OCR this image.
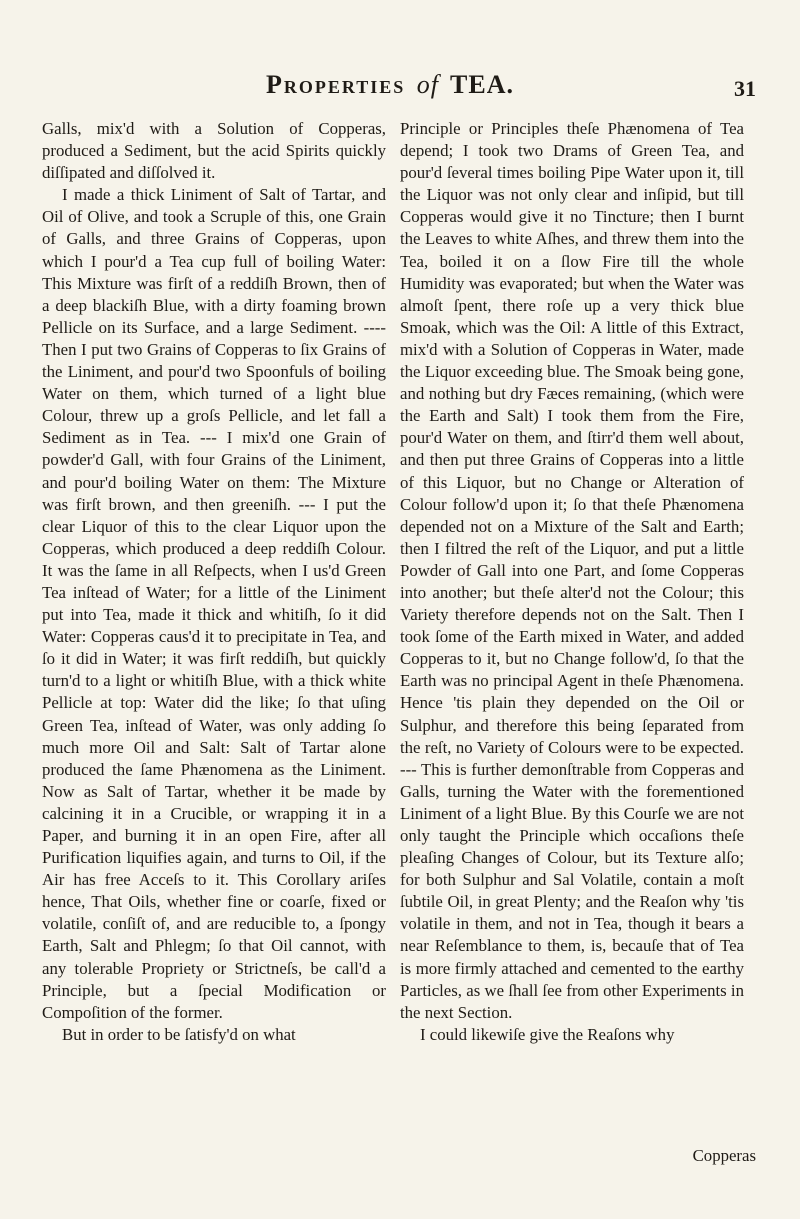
Properties of TEA.	31

Galls, mix'd with a Solution of Copperas, produced a Sediment, but the acid Spirits quickly diſſipated and diſſolved it.

I made a thick Liniment of Salt of Tartar, and Oil of Olive, and took a Scruple of this, one Grain of Galls, and three Grains of Copperas, upon which I pour'd a Tea cup full of boiling Water: This Mixture was firſt of a reddiſh Brown, then of a deep blackiſh Blue, with a dirty foaming brown Pellicle on its Surface, and a large Sediment. ---- Then I put two Grains of Copperas to ſix Grains of the Liniment, and pour'd two Spoonfuls of boiling Water on them, which turned of a light blue Colour, threw up a groſs Pellicle, and let fall a Sediment as in Tea. --- I mix'd one Grain of powder'd Gall, with four Grains of the Liniment, and pour'd boiling Water on them: The Mixture was firſt brown, and then greeniſh. --- I put the clear Liquor of this to the clear Liquor upon the Copperas, which produced a deep reddiſh Colour. It was the ſame in all Reſpects, when I us'd Green Tea inſtead of Water; for a little of the Liniment put into Tea, made it thick and whitiſh, ſo it did Water: Copperas caus'd it to precipitate in Tea, and ſo it did in Water; it was firſt reddiſh, but quickly turn'd to a light or whitiſh Blue, with a thick white Pellicle at top: Water did the like; ſo that uſing Green Tea, inſtead of Water, was only adding ſo much more Oil and Salt: Salt of Tartar alone produced the ſame Phænomena as the Liniment. Now as Salt of Tartar, whether it be made by calcining it in a Crucible, or wrapping it in a Paper, and burning it in an open Fire, after all Purification liquifies again, and turns to Oil, if the Air has free Acceſs to it. This Corollary ariſes hence, That Oils, whether fine or coarſe, fixed or volatile, conſiſt of, and are reducible to, a ſpongy Earth, Salt and Phlegm; ſo that Oil cannot, with any tolerable Propriety or Strictneſs, be call'd a Principle, but a ſpecial Modification or Compoſition of the former.

But in order to be ſatisfy'd on what

Principle or Principles theſe Phænomena of Tea depend; I took two Drams of Green Tea, and pour'd ſeveral times boiling Pipe Water upon it, till the Liquor was not only clear and inſipid, but till Copperas would give it no Tincture; then I burnt the Leaves to white Aſhes, and threw them into the Tea, boiled it on a ſlow Fire till the whole Humidity was evaporated; but when the Water was almoſt ſpent, there roſe up a very thick blue Smoak, which was the Oil: A little of this Extract, mix'd with a Solution of Copperas in Water, made the Liquor exceeding blue. The Smoak being gone, and nothing but dry Fæces remaining, (which were the Earth and Salt) I took them from the Fire, pour'd Water on them, and ſtirr'd them well about, and then put three Grains of Copperas into a little of this Liquor, but no Change or Alteration of Colour follow'd upon it; ſo that theſe Phænomena depended not on a Mixture of the Salt and Earth; then I filtred the reſt of the Liquor, and put a little Powder of Gall into one Part, and ſome Copperas into another; but theſe alter'd not the Colour; this Variety therefore depends not on the Salt. Then I took ſome of the Earth mixed in Water, and added Copperas to it, but no Change follow'd, ſo that the Earth was no principal Agent in theſe Phænomena. Hence 'tis plain they depended on the Oil or Sulphur, and therefore this being ſeparated from the reſt, no Variety of Colours were to be expected. --- This is further demonſtrable from Copperas and Galls, turning the Water with the forementioned Liniment of a light Blue. By this Courſe we are not only taught the Principle which occaſions theſe pleaſing Changes of Colour, but its Texture alſo; for both Sulphur and Sal Volatile, contain a moſt ſubtile Oil, in great Plenty; and the Reaſon why 'tis volatile in them, and not in Tea, though it bears a near Reſemblance to them, is, becauſe that of Tea is more firmly attached and cemented to the earthy Particles, as we ſhall ſee from other Experiments in the next Section.

I could likewiſe give the Reaſons why

Copperas
